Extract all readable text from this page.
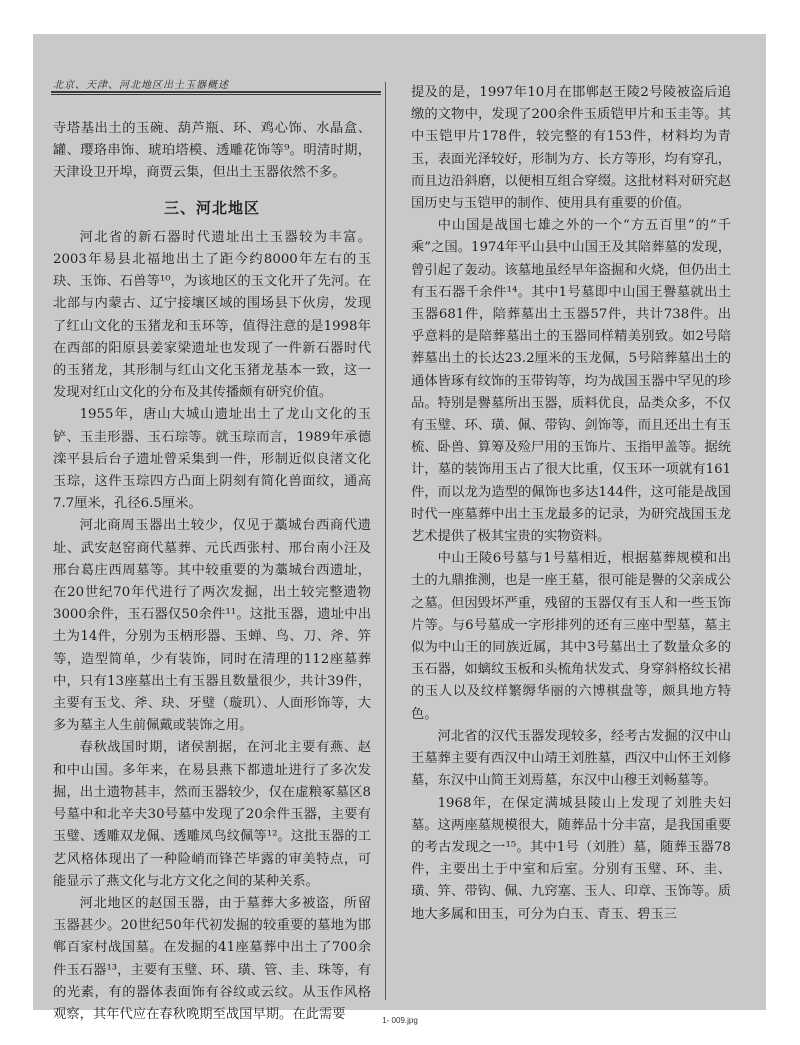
北京、天津、河北地区出土玉器概述

寺塔基出土的玉碗、葫芦瓶、环、鸡心饰、水晶盒、罐、璎珞串饰、琥珀塔模、透雕花饰等⁹。明清时期，天津设卫开埠，商贾云集，但出土玉器依然不多。

三、河北地区

河北省的新石器时代遗址出土玉器较为丰富。2003年易县北福地出土了距今约8000年左右的玉玦、玉饰、石兽等¹⁰，为该地区的玉文化开了先河。在北部与内蒙古、辽宁接壤区域的围场县下伙房，发现了红山文化的玉猪龙和玉环等，值得注意的是1998年在西部的阳原县姜家梁遗址也发现了一件新石器时代的玉猪龙，其形制与红山文化玉猪龙基本一致，这一发现对红山文化的分布及其传播颇有研究价值。

1955年，唐山大城山遗址出土了龙山文化的玉铲、玉圭形器、玉石琮等。就玉琮而言，1989年承德滦平县后台子遗址曾采集到一件，形制近似良渚文化玉琮，这件玉琮四方凸面上阴刻有简化兽面纹，通高7.7厘米，孔径6.5厘米。

河北商周玉器出土较少，仅见于藁城台西商代遗址、武安赵窑商代墓葬、元氏西张村、邢台南小汪及邢台葛庄西周墓等。其中较重要的为藁城台西遗址，在20世纪70年代进行了两次发掘，出土较完整遗物3000余件，玉石器仅50余件¹¹。这批玉器，遗址中出土为14件，分别为玉柄形器、玉蝉、鸟、刀、斧、笄等，造型简单，少有装饰，同时在清理的112座墓葬中，只有13座墓出土有玉器且数量很少，共计39件，主要有玉戈、斧、玦、牙璧（璇玑）、人面形饰等，大多为墓主人生前佩戴或装饰之用。

春秋战国时期，诸侯割据，在河北主要有燕、赵和中山国。多年来，在易县燕下都遗址进行了多次发掘，出土遗物甚丰，然而玉器较少，仅在虚粮冢墓区8号墓中和北辛夫30号墓中发现了20余件玉器，主要有玉璧、透雕双龙佩、透雕凤鸟纹佩等¹²。这批玉器的工艺风格体现出了一种险峭而锋芒毕露的审美特点，可能显示了燕文化与北方文化之间的某种关系。

河北地区的赵国玉器，由于墓葬大多被盗，所留玉器甚少。20世纪50年代初发掘的较重要的墓地为邯郸百家村战国墓。在发掘的41座墓葬中出土了700余件玉石器¹³，主要有玉璧、环、璜、管、圭、珠等，有的光素，有的器体表面饰有谷纹或云纹。从玉作风格观察，其年代应在春秋晚期至战国早期。在此需要

提及的是，1997年10月在邯郸赵王陵2号陵被盗后追缴的文物中，发现了200余件玉质铠甲片和玉圭等。其中玉铠甲片178件，较完整的有153件，材料均为青玉，表面光泽较好，形制为方、长方等形，均有穿孔，而且边沿斜磨，以便相互组合穿缀。这批材料对研究赵国历史与玉铠甲的制作、使用具有重要的价值。

中山国是战国七雄之外的一个“方五百里”的“千乘”之国。1974年平山县中山国王及其陪葬墓的发现，曾引起了轰动。该墓地虽经早年盗掘和火烧，但仍出土有玉石器千余件¹⁴。其中1号墓即中山国王譽墓就出土玉器681件，陪葬墓出土玉器57件，共计738件。出乎意料的是陪葬墓出土的玉器同样精美别致。如2号陪葬墓出土的长达23.2厘米的玉龙佩，5号陪葬墓出土的通体皆琢有纹饰的玉带钩等，均为战国玉器中罕见的珍品。特别是譽墓所出玉器，质料优良，品类众多，不仅有玉璧、环、璜、佩、带钩、剑饰等，而且还出土有玉梳、卧兽、算筹及殓尸用的玉饰片、玉指甲盖等。据统计，墓的装饰用玉占了很大比重，仅玉环一项就有161件，而以龙为造型的佩饰也多达144件，这可能是战国时代一座墓葬中出土玉龙最多的记录，为研究战国玉龙艺术提供了极其宝贵的实物资料。

中山王陵6号墓与1号墓相近，根据墓葬规模和出土的九鼎推测，也是一座王墓，很可能是譽的父亲成公之墓。但因毁坏严重，残留的玉器仅有玉人和一些玉饰片等。与6号墓成一字形排列的还有三座中型墓，墓主似为中山王的同族近属，其中3号墓出土了数量众多的玉石器，如螭纹玉板和头梳角状发式、身穿斜格纹长裙的玉人以及纹样繁缛华丽的六博棋盘等，颇具地方特色。

河北省的汉代玉器发现较多，经考古发掘的汉中山王墓葬主要有西汉中山靖王刘胜墓，西汉中山怀王刘修墓，东汉中山简王刘焉墓，东汉中山穆王刘畅墓等。

1968年，在保定满城县陵山上发现了刘胜夫妇墓。这两座墓规模很大，随葬品十分丰富，是我国重要的考古发现之一¹⁵。其中1号（刘胜）墓，随葬玉器78件，主要出土于中室和后室。分别有玉璧、环、圭、璜、笄、带钩、佩、九窍塞、玉人、印章、玉饰等。质地大多属和田玉，可分为白玉、青玉、碧玉三

1- 009.jpg
